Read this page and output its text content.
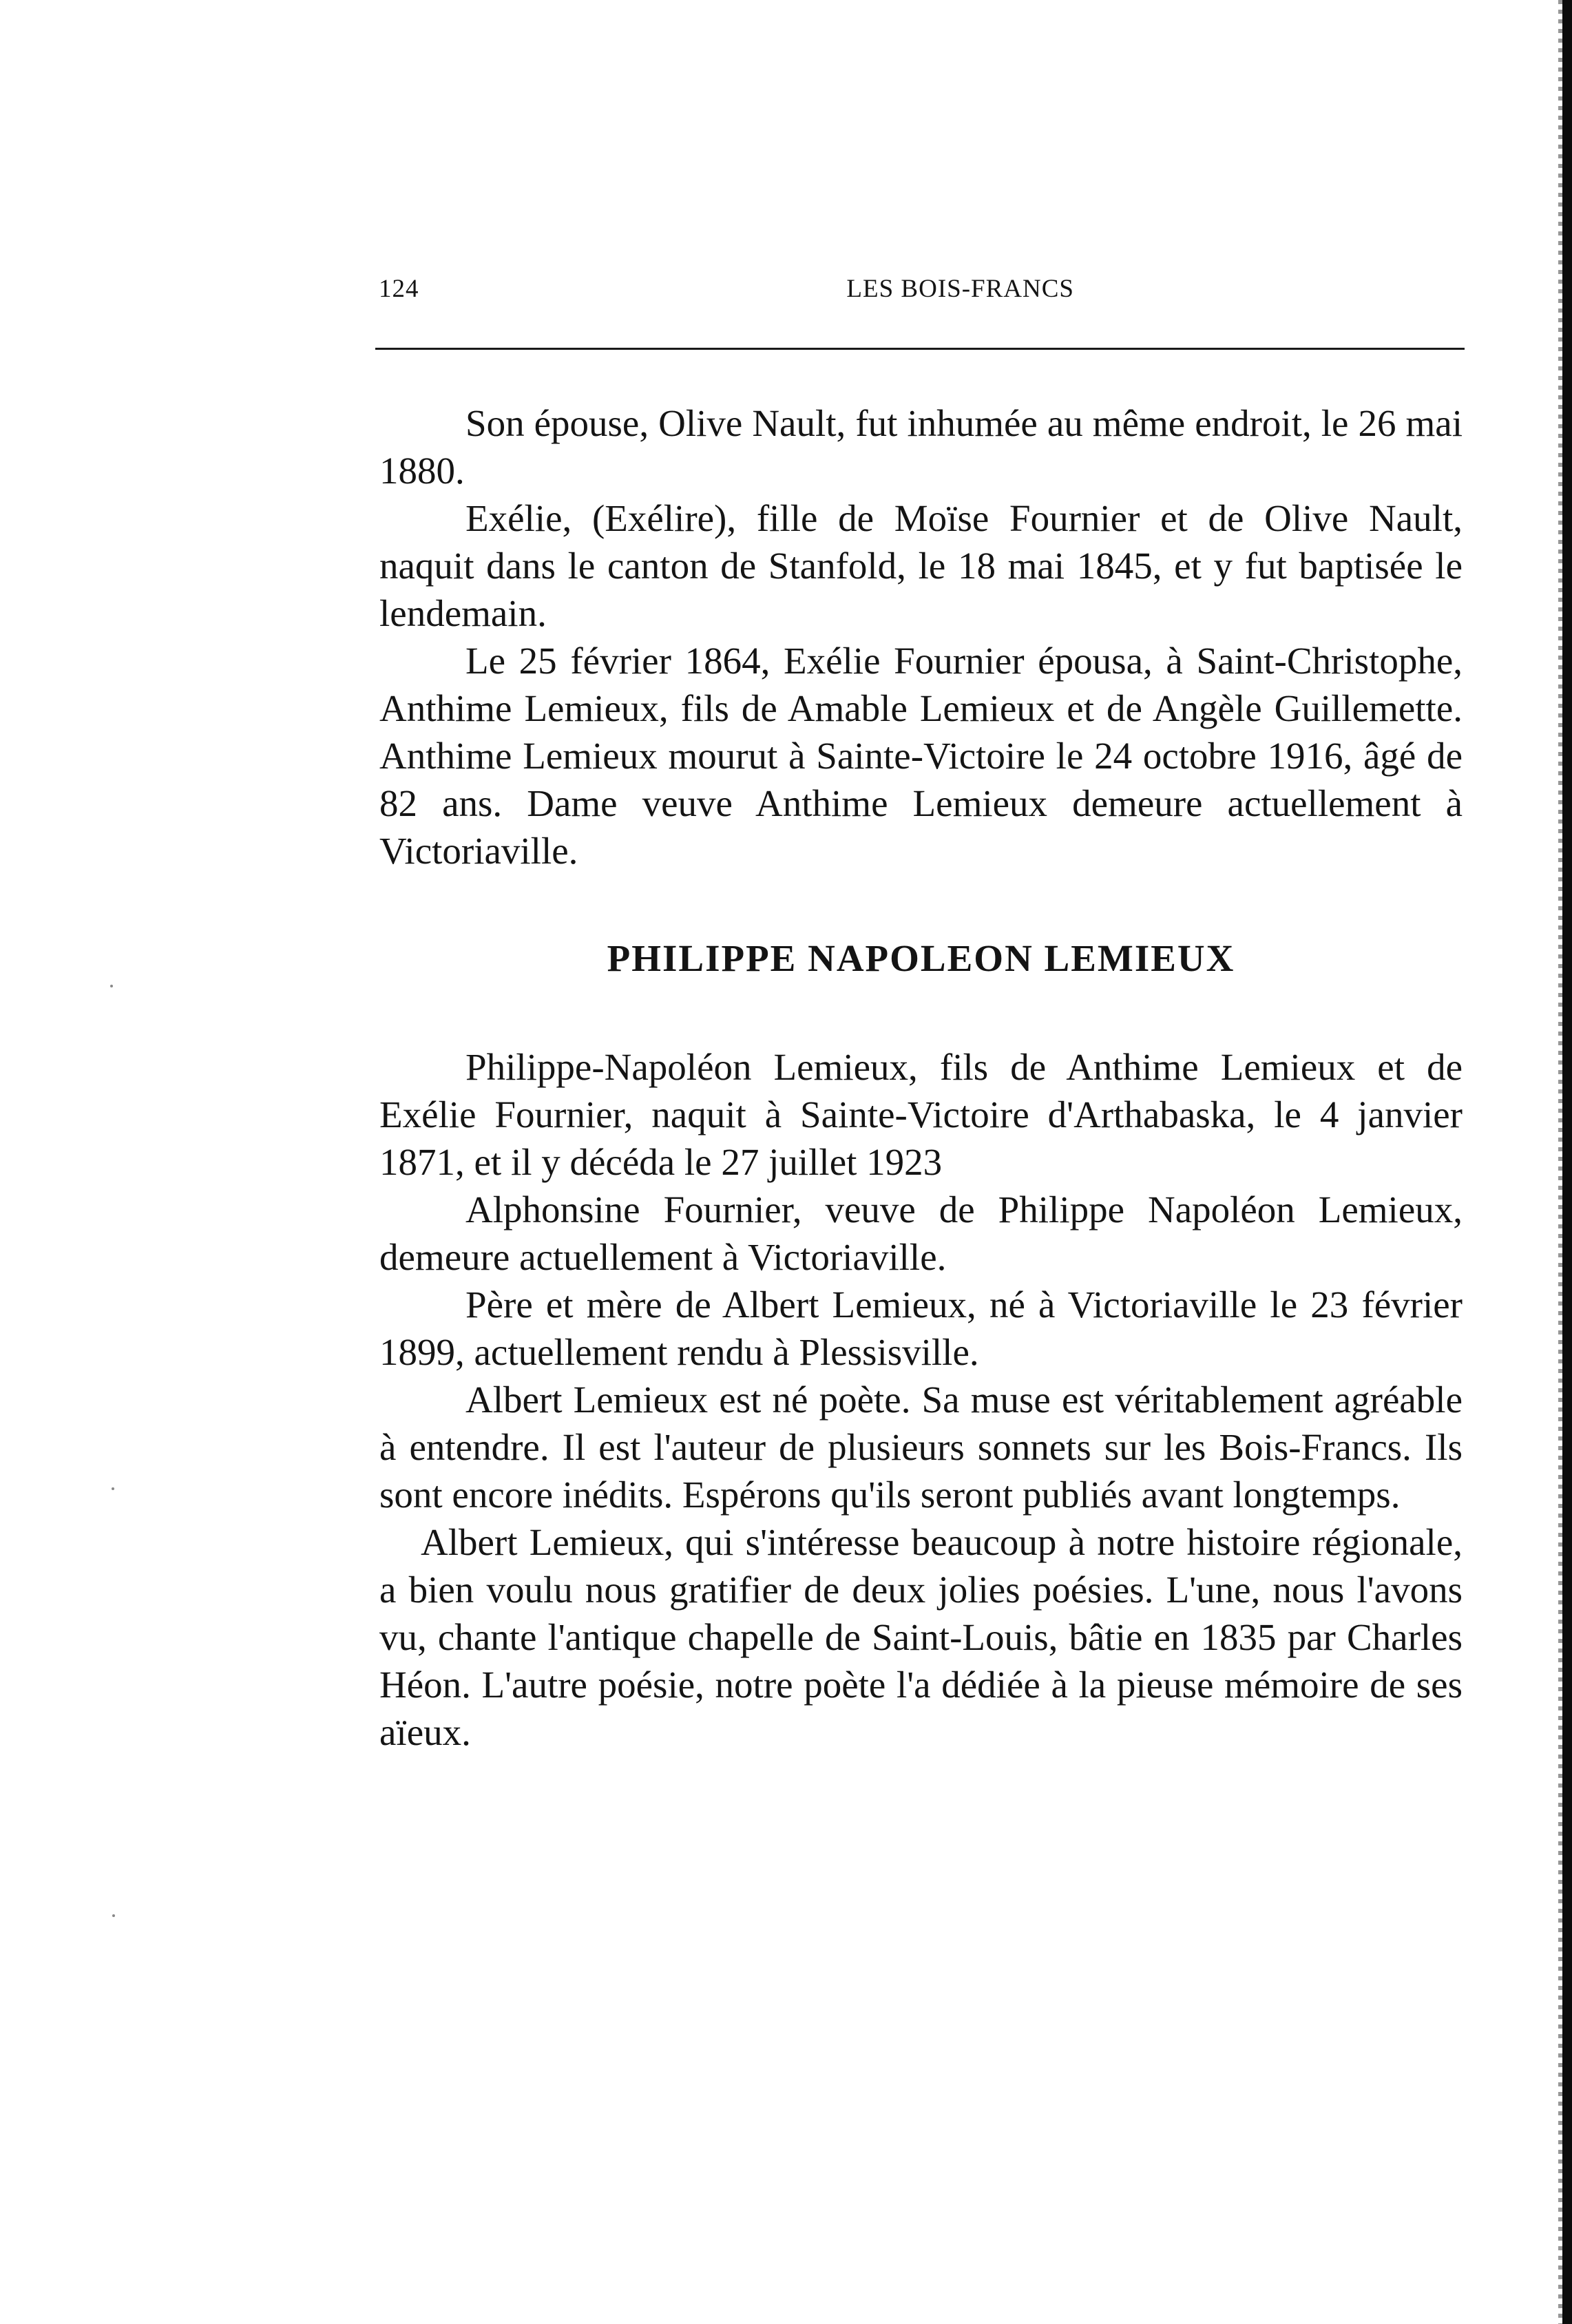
124	LES BOIS-FRANCS

Son épouse, Olive Nault, fut inhumée au même endroit, le 26 mai 1880.

Exélie, (Exélire), fille de Moïse Fournier et de Olive Nault, naquit dans le canton de Stanfold, le 18 mai 1845, et y fut baptisée le lendemain.

Le 25 février 1864, Exélie Fournier épousa, à Saint-Christophe, Anthime Lemieux, fils de Amable Lemieux et de Angèle Guillemette. Anthime Lemieux mourut à Sainte-Victoire le 24 octobre 1916, âgé de 82 ans. Dame veuve Anthime Lemieux demeure actuellement à Victoriaville.

PHILIPPE NAPOLEON LEMIEUX

Philippe-Napoléon Lemieux, fils de Anthime Lemieux et de Exélie Fournier, naquit à Sainte-Victoire d'Arthabaska, le 4 janvier 1871, et il y décéda le 27 juillet 1923

Alphonsine Fournier, veuve de Philippe Napoléon Lemieux, demeure actuellement à Victoriaville.

Père et mère de Albert Lemieux, né à Victoriaville le 23 février 1899, actuellement rendu à Plessisville.

Albert Lemieux est né poète. Sa muse est véritablement agréable à entendre. Il est l'auteur de plusieurs sonnets sur les Bois-Francs. Ils sont encore inédits. Espérons qu'ils seront publiés avant longtemps.

Albert Lemieux, qui s'intéresse beaucoup à notre histoire régionale, a bien voulu nous gratifier de deux jolies poésies. L'une, nous l'avons vu, chante l'antique chapelle de Saint-Louis, bâtie en 1835 par Charles Héon. L'autre poésie, notre poète l'a dédiée à la pieuse mémoire de ses aïeux.
